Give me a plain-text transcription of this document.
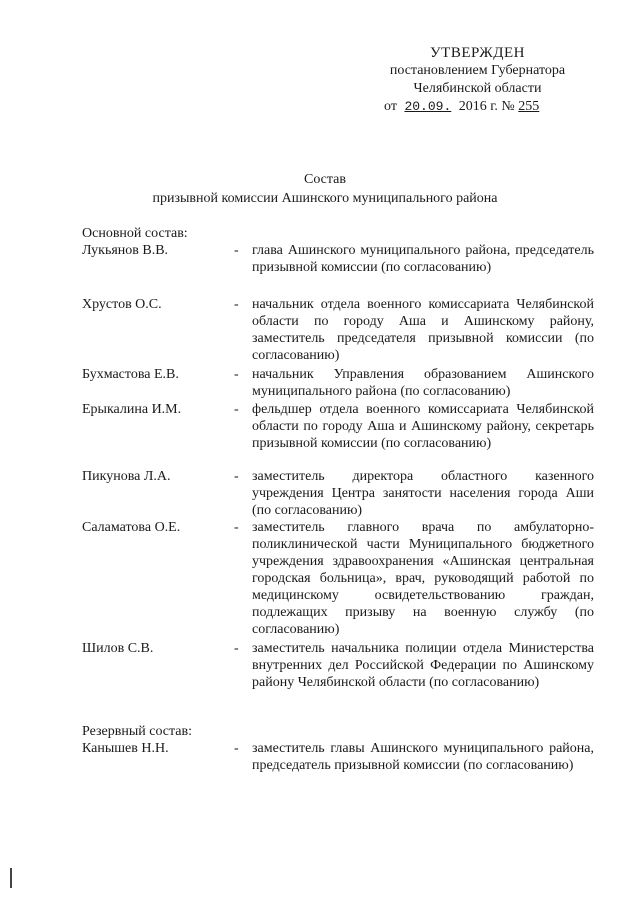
УТВЕРЖДЕН
постановлением Губернатора
Челябинской области
от 20.09. 2016 г. № 255
Состав
призывной комиссии Ашинского муниципального района
Основной состав:
Лукьянов В.В.	- глава Ашинского муниципального района, председатель призывной комиссии (по согласованию)
Хрустов О.С.	- начальник отдела военного комиссариата Челябинской области по городу Аша и Ашинскому району, заместитель председателя призывной комиссии (по согласованию)
Бухмастова Е.В.	- начальник Управления образованием Ашинского муниципального района (по согласованию)
Ерыкалина И.М.	- фельдшер отдела военного комиссариата Челябинской области по городу Аша и Ашинскому району, секретарь призывной комиссии (по согласованию)
Пикунова Л.А.	- заместитель директора областного казенного учреждения Центра занятости населения города Аши (по согласованию)
Саламатова О.Е.	- заместитель главного врача по амбулаторно-поликлинической части Муниципального бюджетного учреждения здравоохранения «Ашинская центральная городская больница», врач, руководящий работой по медицинскому освидетельствованию граждан, подлежащих призыву на военную службу (по согласованию)
Шилов С.В.	- заместитель начальника полиции отдела Министерства внутренних дел Российской Федерации по Ашинскому району Челябинской области (по согласованию)
Резервный состав:
Канышев Н.Н.	- заместитель главы Ашинского муниципального района, председатель призывной комиссии (по согласованию)
